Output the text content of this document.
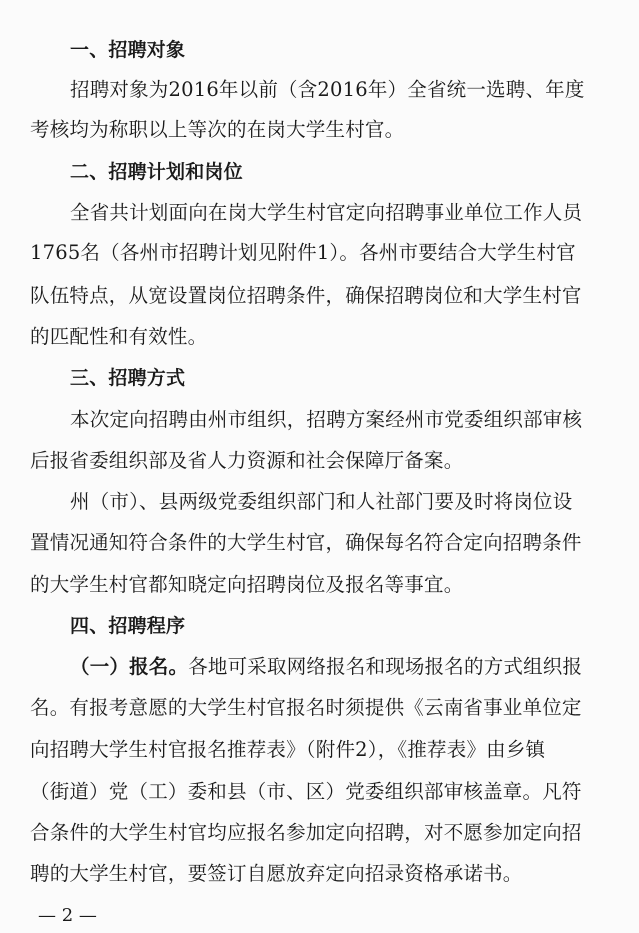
一、招聘对象
招聘对象为2016年以前（含2016年）全省统一选聘、年度
考核均为称职以上等次的在岗大学生村官。
二、招聘计划和岗位
全省共计划面向在岗大学生村官定向招聘事业单位工作人员
1765名（各州市招聘计划见附件1）。各州市要结合大学生村官
队伍特点，从宽设置岗位招聘条件，确保招聘岗位和大学生村官
的匹配性和有效性。
三、招聘方式
本次定向招聘由州市组织，招聘方案经州市党委组织部审核
后报省委组织部及省人力资源和社会保障厅备案。
州（市）、县两级党委组织部门和人社部门要及时将岗位设
置情况通知符合条件的大学生村官，确保每名符合定向招聘条件
的大学生村官都知晓定向招聘岗位及报名等事宜。
四、招聘程序
（一）报名。各地可采取网络报名和现场报名的方式组织报
名。有报考意愿的大学生村官报名时须提供《云南省事业单位定
向招聘大学生村官报名推荐表》（附件2），《推荐表》由乡镇
（街道）党（工）委和县（市、区）党委组织部审核盖章。凡符
合条件的大学生村官均应报名参加定向招聘，对不愿参加定向招
聘的大学生村官，要签订自愿放弃定向招录资格承诺书。
— 2 —
